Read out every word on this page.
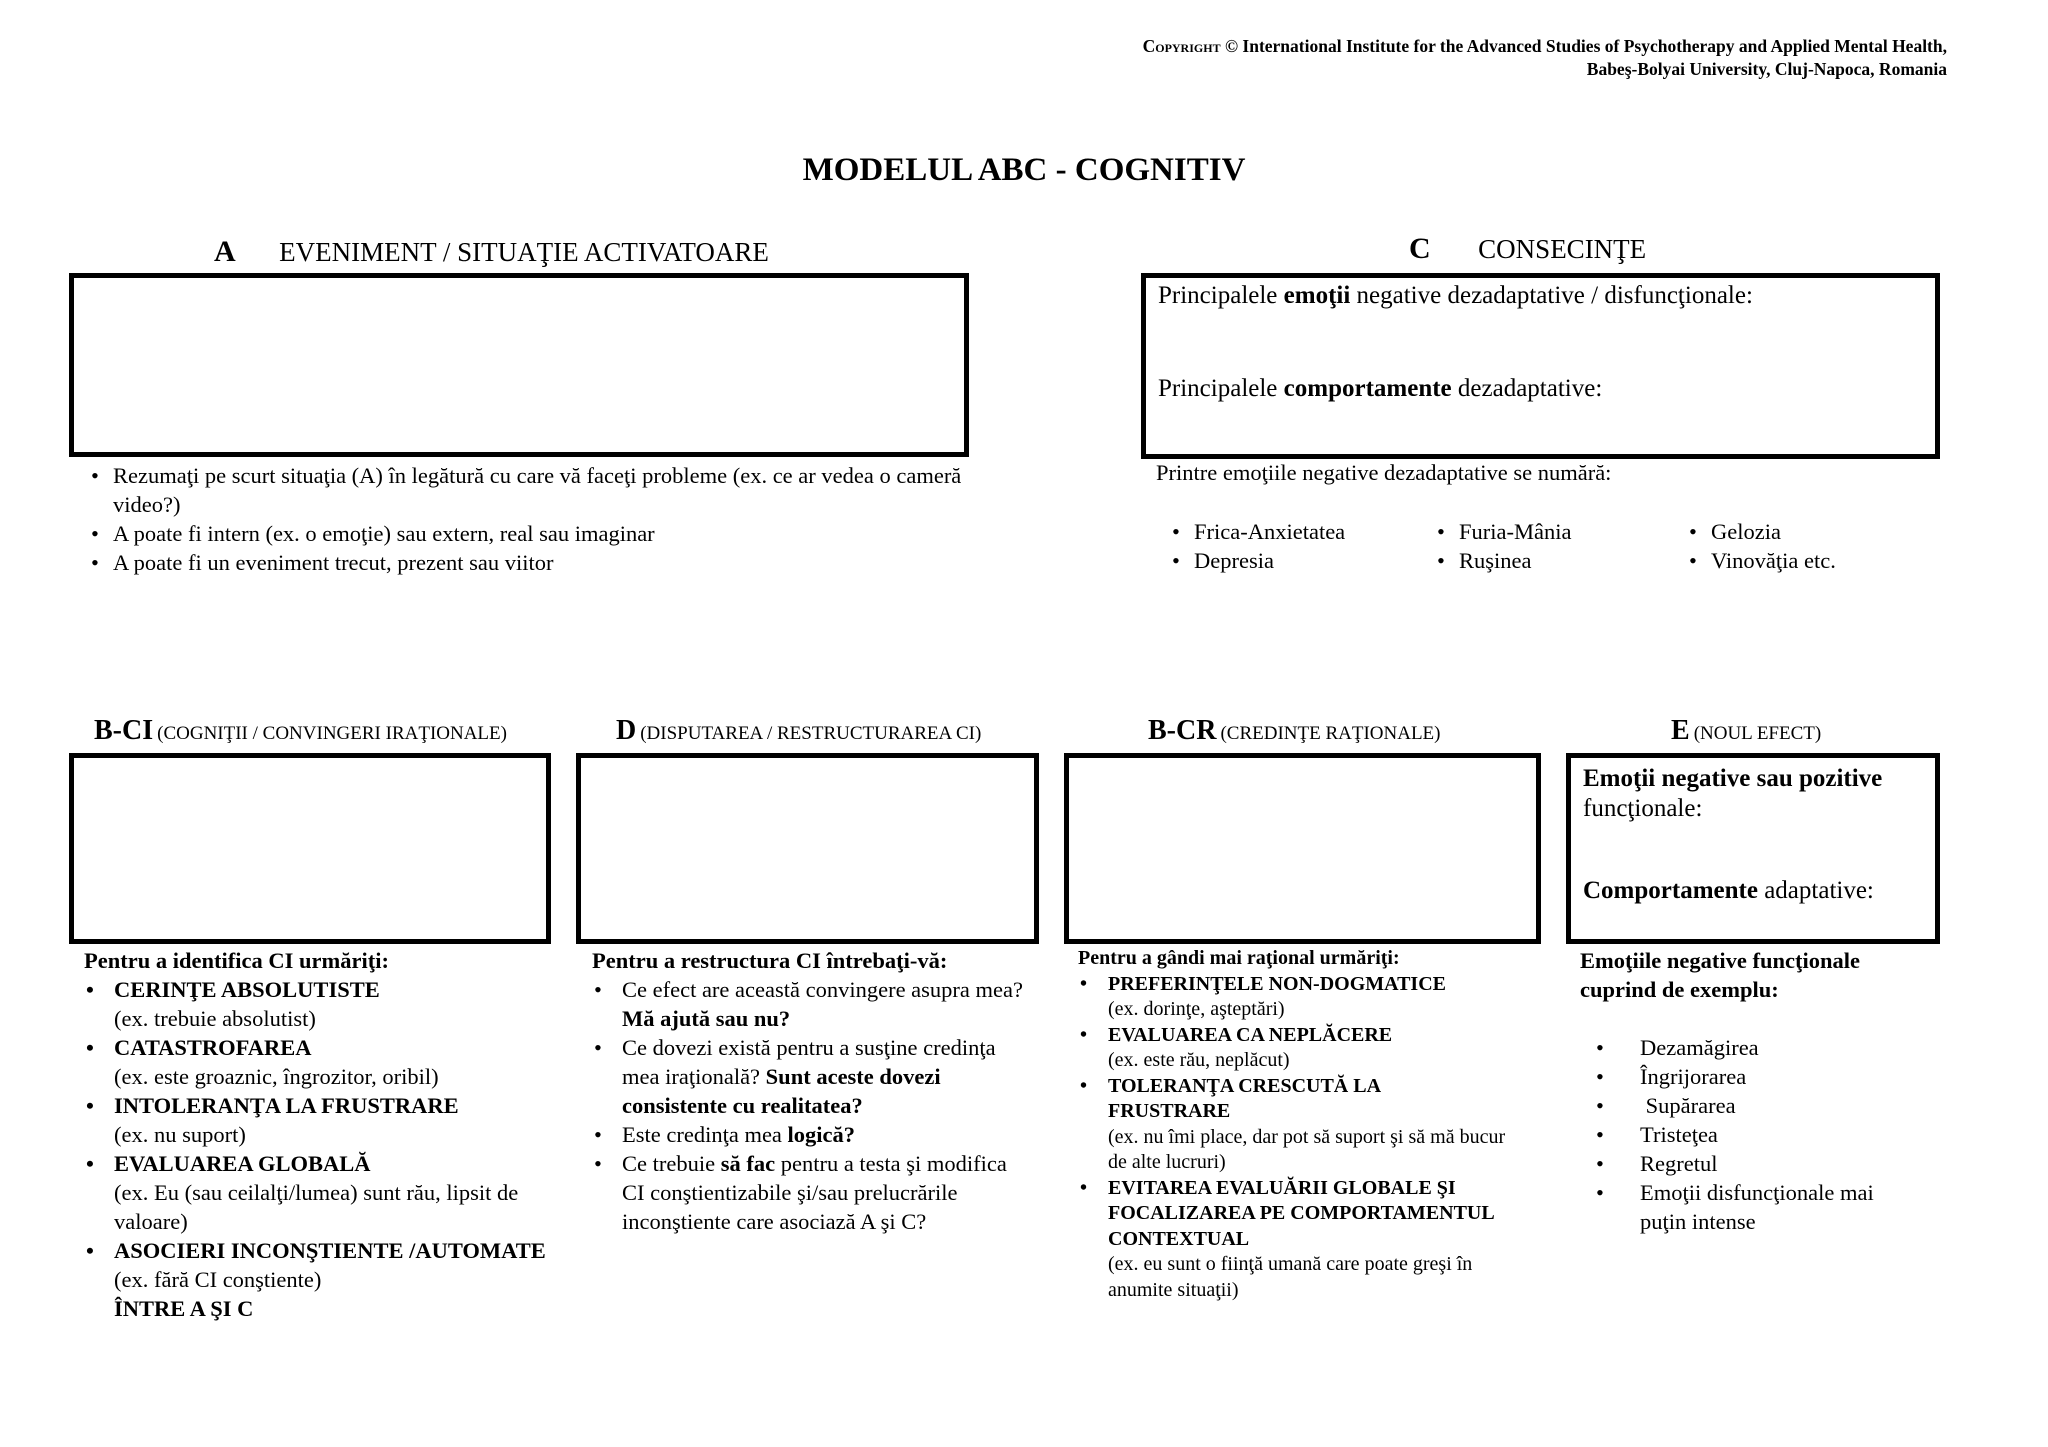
Copyright © International Institute for the Advanced Studies of Psychotherapy and Applied Mental Health,
Babeş-Bolyai University, Cluj-Napoca, Romania
MODELUL ABC - COGNITIV
A EVENIMENT / SITUAŢIE ACTIVATOARE
• Rezumaţi pe scurt situaţia (A) în legătură cu care vă faceţi probleme (ex. ce ar vedea o cameră video?)
• A poate fi intern (ex. o emoţie) sau extern, real sau imaginar
• A poate fi un eveniment trecut, prezent sau viitor
C CONSECINŢE
Principalele emoţii negative dezadaptative / disfuncţionale:
Principalele comportamente dezadaptative:
Printre emoţiile negative dezadaptative se numără:
• Frica-Anxietatea
• Depresia
• Furia-Mânia
• Ruşinea
• Gelozia
• Vinovăţia etc.
B-CI (COGNIŢII / CONVINGERI IRAŢIONALE)
Pentru a identifica CI urmăriţi:
• CERINŢE ABSOLUTISTE
(ex. trebuie absolutist)
• CATASTROFAREA
(ex. este groaznic, îngrozitor, oribil)
• INTOLERANŢA LA FRUSTRARE
(ex. nu suport)
• EVALUAREA GLOBALĂ
(ex. Eu (sau ceilalţi/lumea) sunt rău, lipsit de valoare)
• ASOCIERI INCONŞTIENTE /AUTOMATE (ex. fără CI conştiente)
ÎNTRE A ŞI C
D (DISPUTAREA / RESTRUCTURAREA CI)
Pentru a restructura CI întrebaţi-vă:
• Ce efect are această convingere asupra mea? Mă ajută sau nu?
• Ce dovezi există pentru a susţine credinţa mea iraţională? Sunt aceste dovezi consistente cu realitatea?
• Este credinţa mea logică?
• Ce trebuie să fac pentru a testa şi modifica CI conştientizabile şi/sau prelucrările inconştiente care asociază A şi C?
B-CR (CREDINŢE RAŢIONALE)
Pentru a gândi mai raţional urmăriţi:
• PREFERINŢELE NON-DOGMATICE
(ex. dorinţe, aşteptări)
• EVALUAREA CA NEPLĂCERE
(ex. este rău, neplăcut)
• TOLERANŢA CRESCUTĂ LA FRUSTRARE
(ex. nu îmi place, dar pot să suport şi să mă bucur de alte lucruri)
• EVITAREA EVALUĂRII GLOBALE ŞI FOCALIZAREA PE COMPORTAMENTUL CONTEXTUAL
(ex. eu sunt o fiinţă umană care poate greşi în anumite situaţii)
E (NOUL EFECT)
Emoţii negative sau pozitive
funcţionale:
Comportamente adaptative:
Emoţiile negative funcţionale cuprind de exemplu:
• Dezamăgirea
• Îngrijorarea
•  Supărarea
• Tristeţea
• Regretul
• Emoţii disfuncţionale mai puţin intense
